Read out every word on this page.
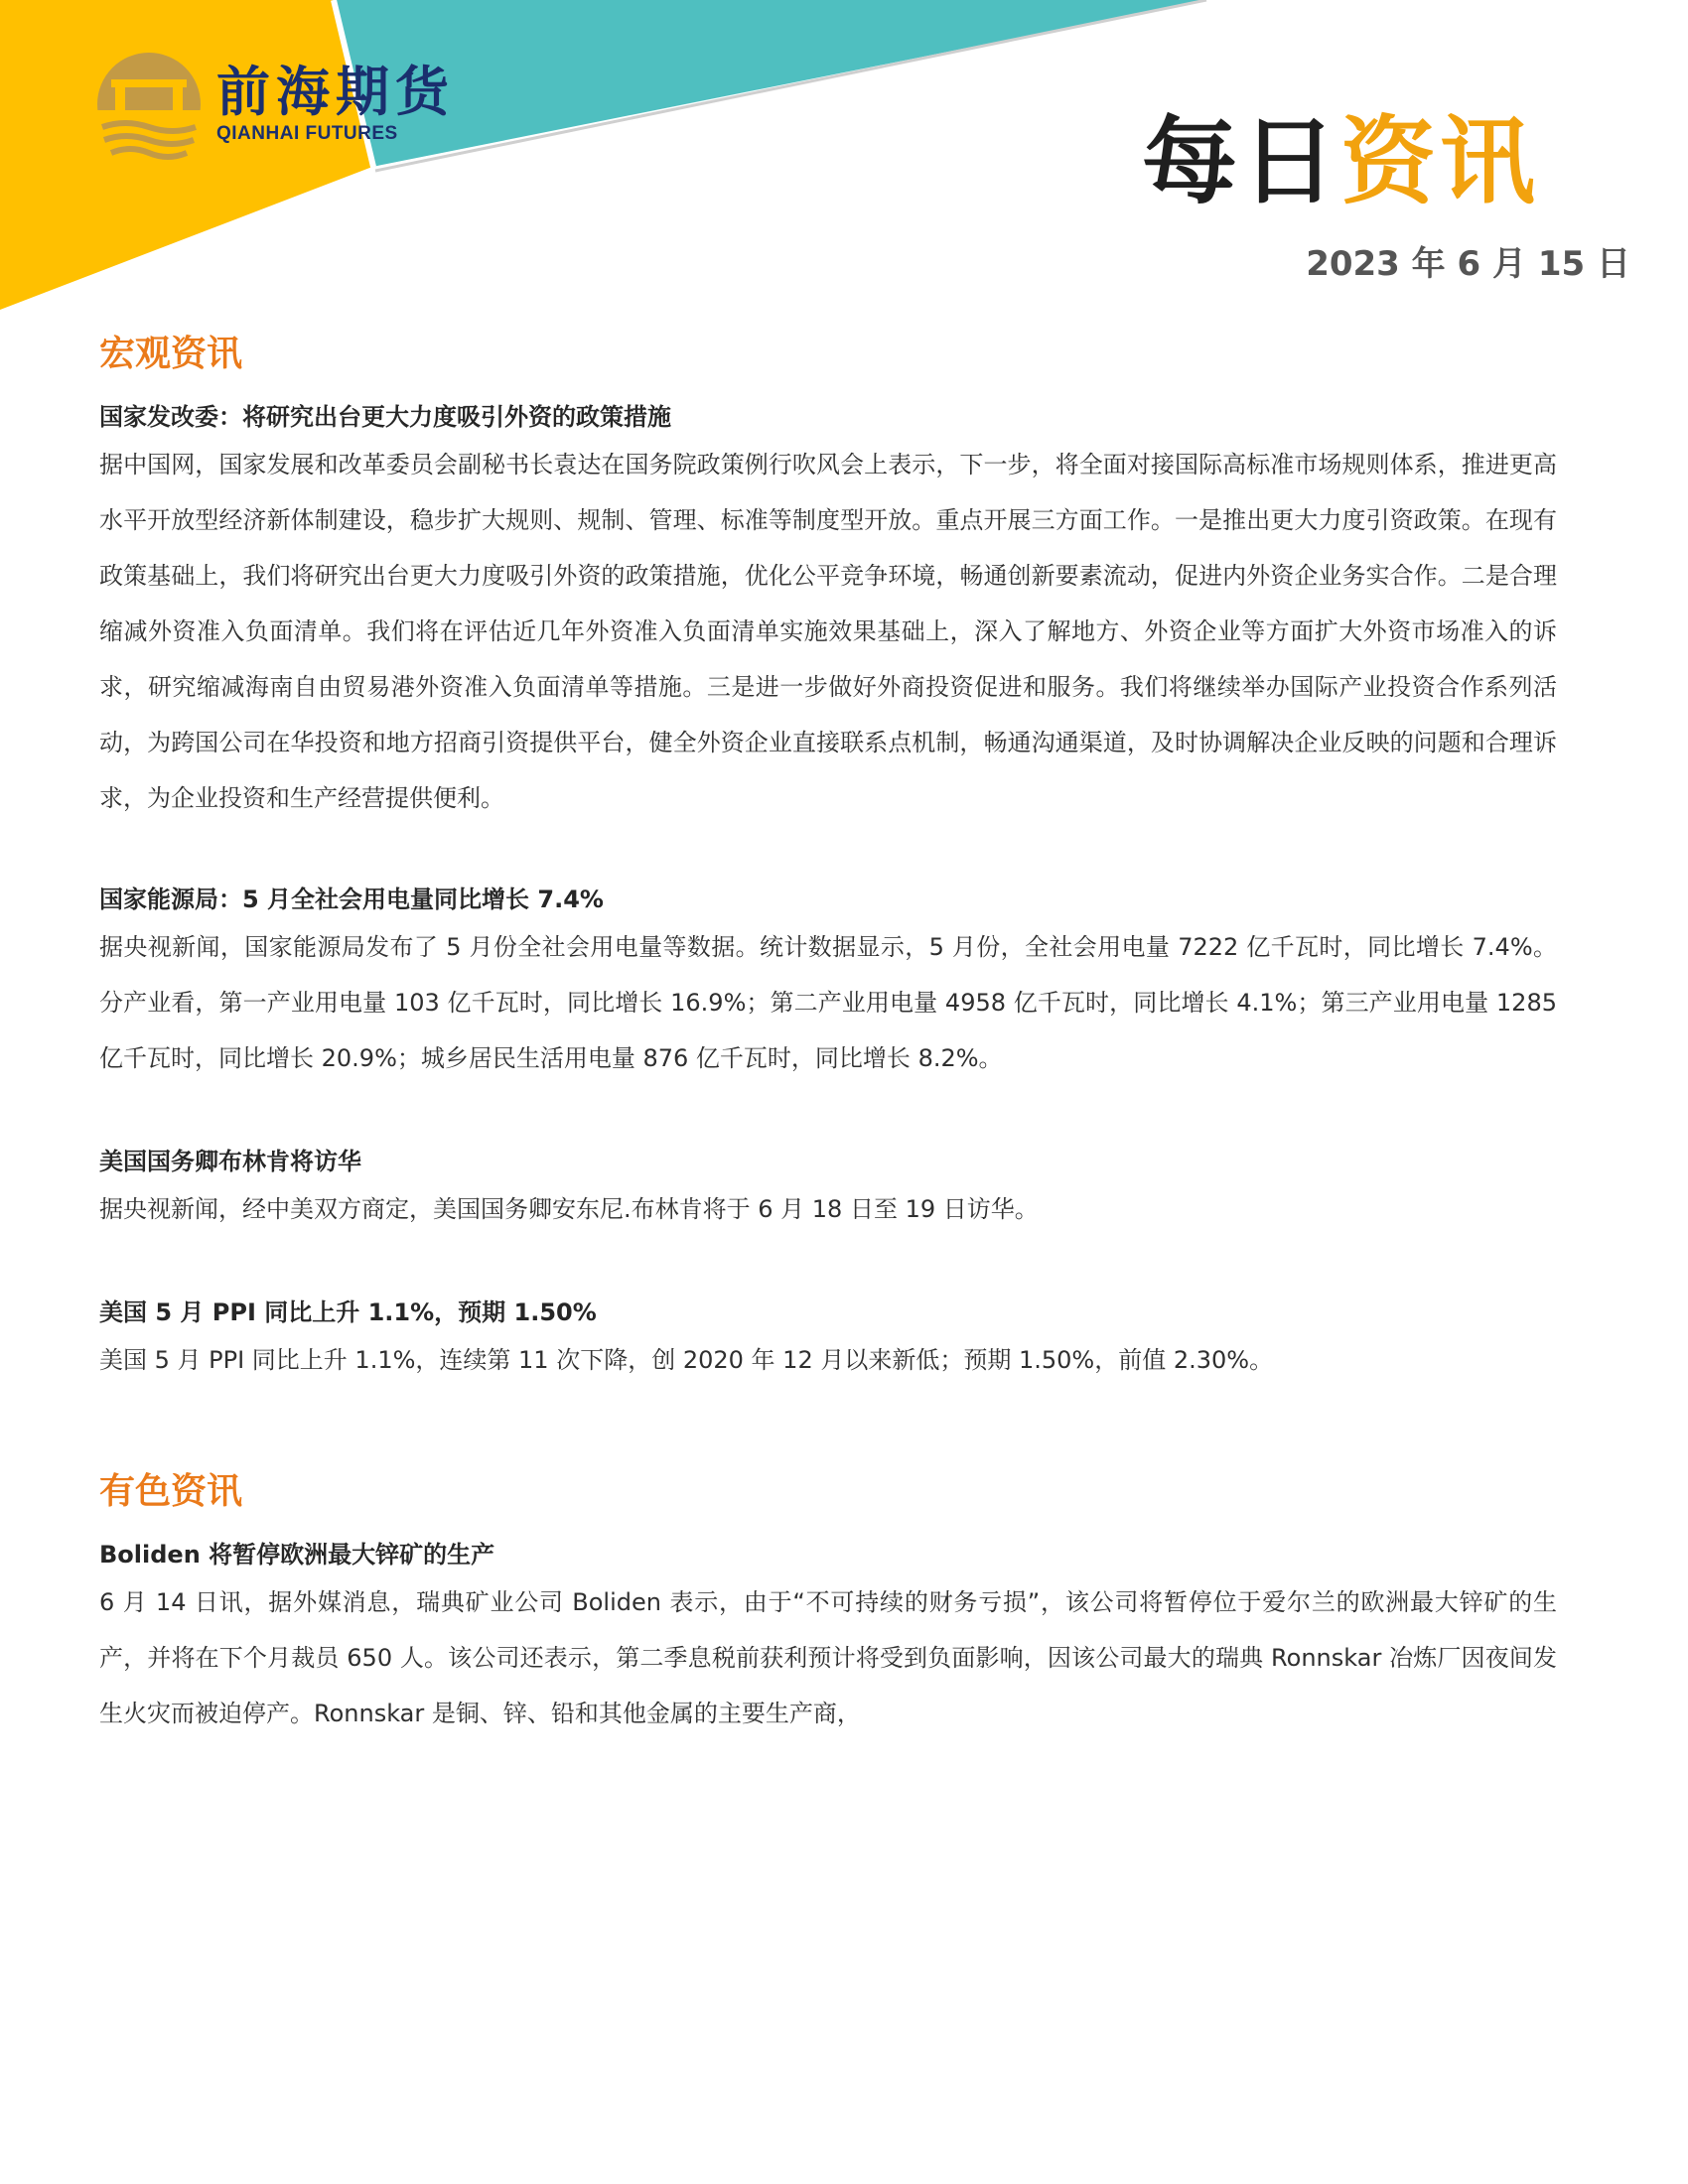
前海期货
QIANHAI FUTURES	每日资讯
2023 年 6 月 15 日
宏观资讯
国家发改委：将研究出台更大力度吸引外资的政策措施

据中国网，国家发展和改革委员会副秘书长袁达在国务院政策例行吹风会上表示，下一步，将全面对接国际高标准市场规则体系，推进更高水平开放型经济新体制建设，稳步扩大规则、规制、管理、标准等制度型开放。重点开展三方面工作。一是推出更大力度引资政策。在现有政策基础上，我们将研究出台更大力度吸引外资的政策措施，优化公平竞争环境，畅通创新要素流动，促进内外资企业务实合作。二是合理缩减外资准入负面清单。我们将在评估近几年外资准入负面清单实施效果基础上，深入了解地方、外资企业等方面扩大外资市场准入的诉求，研究缩减海南自由贸易港外资准入负面清单等措施。三是进一步做好外商投资促进和服务。我们将继续举办国际产业投资合作系列活动，为跨国公司在华投资和地方招商引资提供平台，健全外资企业直接联系点机制，畅通沟通渠道，及时协调解决企业反映的问题和合理诉求，为企业投资和生产经营提供便利。

国家能源局：5 月全社会用电量同比增长 7.4%

据央视新闻，国家能源局发布了 5 月份全社会用电量等数据。统计数据显示，5 月份，全社会用电量 7222 亿千瓦时，同比增长 7.4%。分产业看，第一产业用电量 103 亿千瓦时，同比增长 16.9%；第二产业用电量 4958 亿千瓦时，同比增长 4.1%；第三产业用电量 1285 亿千瓦时，同比增长 20.9%；城乡居民生活用电量 876 亿千瓦时，同比增长 8.2%。

美国国务卿布林肯将访华

据央视新闻，经中美双方商定，美国国务卿安东尼.布林肯将于 6 月 18 日至 19 日访华。

美国 5 月 PPI 同比上升 1.1%，预期 1.50%

美国 5 月 PPI 同比上升 1.1%，连续第 11 次下降，创 2020 年 12 月以来新低；预期 1.50%，前值 2.30%。

有色资讯
Boliden 将暂停欧洲最大锌矿的生产

6 月 14 日讯，据外媒消息，瑞典矿业公司 Boliden 表示，由于“不可持续的财务亏损”，该公司将暂停位于爱尔兰的欧洲最大锌矿的生产，并将在下个月裁员 650 人。该公司还表示，第二季息税前获利预计将受到负面影响，因该公司最大的瑞典 Ronnskar 冶炼厂因夜间发生火灾而被迫停产。Ronnskar 是铜、锌、铅和其他金属的主要生产商，
